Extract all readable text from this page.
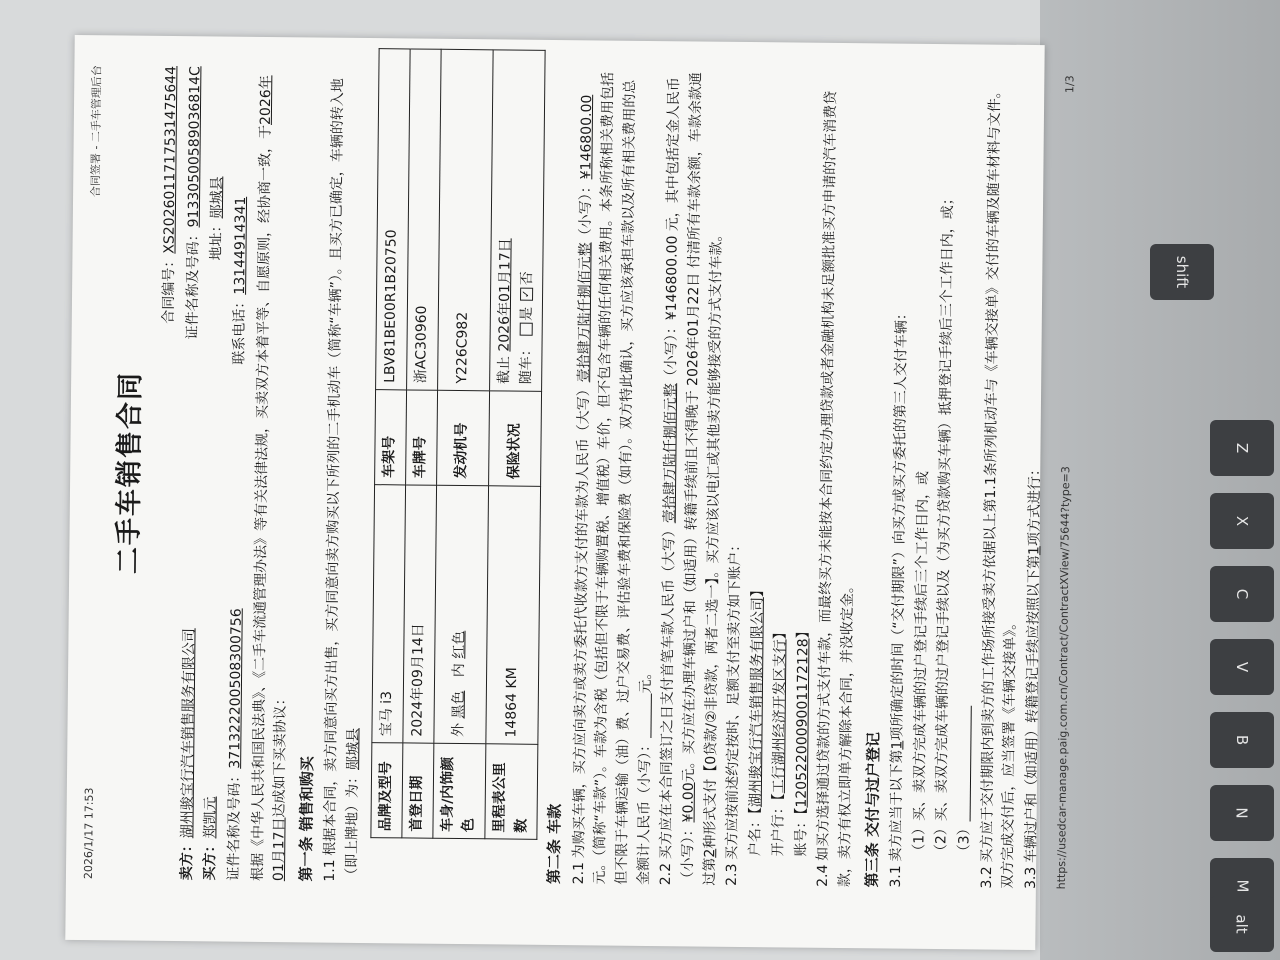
shift
Z
X
C
V
B
N
M
alt
2026/1/17 17:53
合同签署 - 二手车管理后台
二手车销售合同
合同编号：XS2026011717531475644
卖方：湖州骏宝行汽车销售服务有限公司
证件名称及号码：91330500589036814C
买方：郑凯元
地址：郧城县
证件名称及号码：371322200508300756
联系电话：13144914341 根据《中华人民共和国民法典》、《二手车流通管理办法》等有关法律法规，买卖双方本着平等、自愿原则，经协商一致，于2026年01月17日达成如下买卖协议：
第一条 销售和购买 1.1根据本合同，卖方同意向买方出售，买方同意向卖方购买以下所列的二手机动车（简称“车辆”）。且买方已确定，车辆的转入地（即上牌地）为：郧城县
品牌及型号	宝马 i3	车架号	LBV81BE00R1B20750
首登日期	2024年09月14日	车牌号	浙AC30960
车身/内饰颜色	外 黑色   内 红色	发动机号	Y226C982
里程表公里数	14864 KM	保险状况	截止 2026年01月17日
随车： 是 ✓否
第二条 车款 2.1为购买车辆，买方应向卖方或卖方委托代收款方支付的车款为人民币（大写）壹拾肆万陆仟捌佰元整（小写）：¥146800.00元。（简称“车款”）。车款为含税（包括但不限于车辆购置税、增值税）车价，但不包含车辆的任何相关费用。本条所称相关费用包括但不限于车辆运输（油）费、过户交易费、评估验车费和保险费（如有）。双方特此确认，买方应该承担车款以及所有相关费用的总金额计人民币（小写）：          元。
2.2买方应在本合同签订之日支付首笔车款人民币（大写）壹拾肆万陆仟捌佰元整（小写）：¥146800.00 元，其中包括定金人民币（小写）：¥0.00元。买方应在办理车辆过户和（如适用）转籍手续前且不得晚于 2026年01月22日 付清所有车款余额，车款余款通过第2种形式支付【0贷款/②非贷款，两者二选一】。买方应该以电汇或其他卖方能够接受的方式支付车款。
2.3买方应按前述约定按时、足额支付至卖方如下账户： 户名：【湖州骏宝行汽车销售服务有限公司】
开户行：【工行湖州经济开发区支行】
账号：【1205220009001172128】
2.4如买方选择通过贷款的方式支付车款，而最终买方未能按本合同约定办理贷款或者金融机构未足额批准买方申请的汽车消费贷款，卖方有权立即单方解除本合同，并没收定金。 第三条 交付与过户登记 3.1卖方应当于以下第1项所确定的时间（“交付期限”）向买方或买方委托的第三人交付车辆： （1）买、卖双方完成车辆的过户登记手续后三个工作日内，或 （2）买、卖双方完成车辆的过户登记手续以及（为买方贷款购买车辆）抵押登记手续后三个工作日内，或； （3）
3.2买方应于交付期限内到卖方的工作场所接受卖方依据以上第1.1条所列机动车与《车辆交接单》交付的车辆及随车材料与文件。双方完成交付后，应当签署《车辆交接单》。 3.3车辆过户和（如适用）转籍登记手续应按照以下第1项方式进行：	https://usedcar-manage.paig.com.cn/Contract/ContractXView/75644?type=3
1/3
